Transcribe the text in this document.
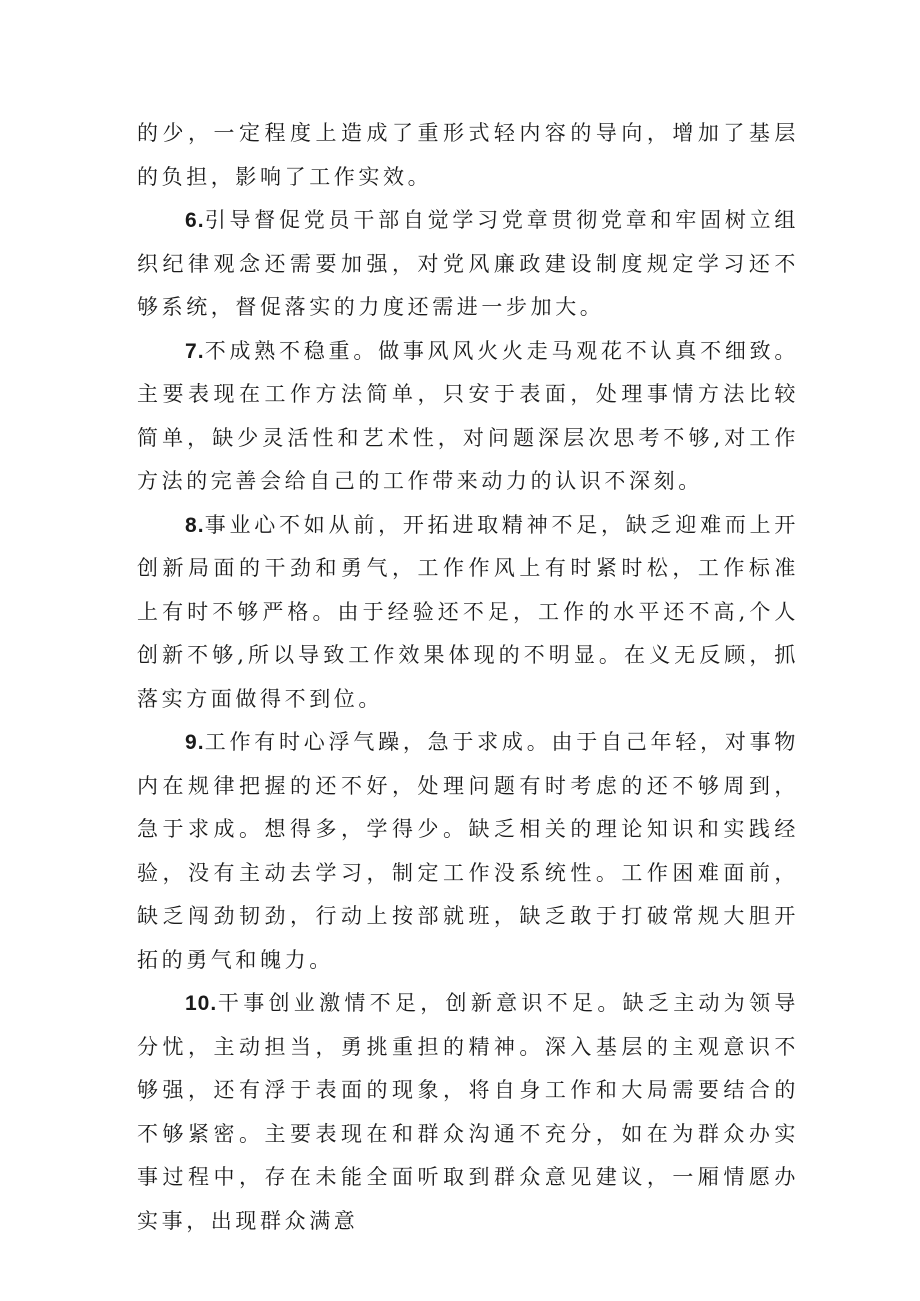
的少，一定程度上造成了重形式轻内容的导向，增加了基层的负担，影响了工作实效。

6.引导督促党员干部自觉学习党章贯彻党章和牢固树立组织纪律观念还需要加强，对党风廉政建设制度规定学习还不够系统，督促落实的力度还需进一步加大。

7.不成熟不稳重。做事风风火火走马观花不认真不细致。主要表现在工作方法简单，只安于表面，处理事情方法比较简单，缺少灵活性和艺术性，对问题深层次思考不够,对工作方法的完善会给自己的工作带来动力的认识不深刻。

8.事业心不如从前，开拓进取精神不足，缺乏迎难而上开创新局面的干劲和勇气，工作作风上有时紧时松，工作标准上有时不够严格。由于经验还不足，工作的水平还不高,个人创新不够,所以导致工作效果体现的不明显。在义无反顾，抓落实方面做得不到位。

9.工作有时心浮气躁，急于求成。由于自己年轻，对事物内在规律把握的还不好，处理问题有时考虑的还不够周到，急于求成。想得多，学得少。缺乏相关的理论知识和实践经验，没有主动去学习，制定工作没系统性。工作困难面前，缺乏闯劲韧劲，行动上按部就班，缺乏敢于打破常规大胆开拓的勇气和魄力。

10.干事创业激情不足，创新意识不足。缺乏主动为领导分忧，主动担当，勇挑重担的精神。深入基层的主观意识不够强，还有浮于表面的现象，将自身工作和大局需要结合的不够紧密。主要表现在和群众沟通不充分，如在为群众办实事过程中，存在未能全面听取到群众意见建议，一厢情愿办实事，出现群众满意
